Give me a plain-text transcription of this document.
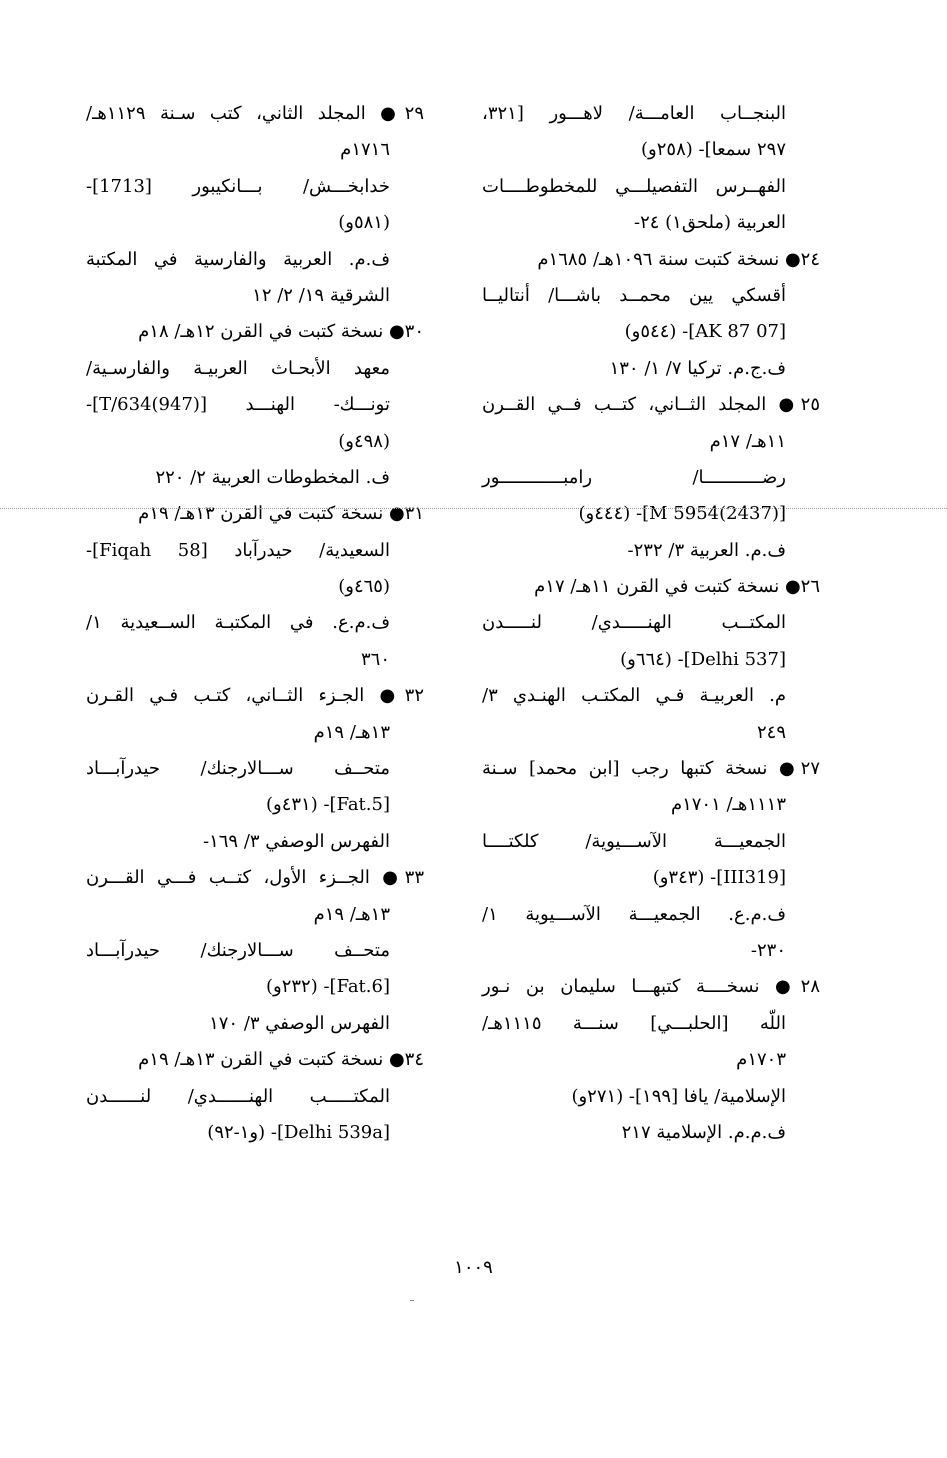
البنجــاب العامـــة/ لاهـــور [٣٢١،
٢٩٧ سمعا]- (٢٥٨و)
الفهــرس التفصيلـــي للمخطوطــــات
العربية (ملحق١) ٢٤-
٢٤● نسخة كتبت سنة ١٠٩٦هـ/ ١٦٨٥م
أقسكي يين محمــد باشـــا/ أنتاليــا
[07 AK 87]- (٥٤٤و)
ف.ج.م. تركيا ٧/ ١/ ١٣٠
٢٥● المجلد الثــاني، كتــب فــي القــرن
١١هـ/ ١٧م
رضـــــــــــا/ رامبــــــــــــور
[(2437)5954 M]- (٤٤٤و)
ف.م. العربية ٣/ ٢٣٢-
٢٦● نسخة كتبت في القرن ١١هـ/ ١٧م
المكتــب الهنـــــدي/ لنـــــدن
[Delhi 537]- (٦٦٤و)
م. العربيـة فـي المكتـب الهنـدي ٣/
٢٤٩
٢٧● نسخة كتبها رجب [ابن محمد] سـنة
١١١٣هـ/ ١٧٠١م
الجمعيـــة الآســـيوية/ كلكتــــا
[III319]- (٣٤٣و)
ف.م.ع. الجمعيـــة الآســـيوية ١/
٢٣٠-
٢٨● نسخــــة كتبهـــا سليمان بن نـور
اللّه [الحلبـــي] سنـــة ١١١٥هـ/
١٧٠٣م
الإسلامية/ يافا [١٩٩]- (٢٧١و)
ف.م.م. الإسلامية ٢١٧
٢٩● المجلد الثاني، كتب سـنة ١١٢٩هـ/
١٧١٦م
خدابخـــش/ بـــانكيبور [1713]-
(٥٨١و)
ف.م. العربية والفارسية في المكتبة
الشرقية ١٩/ ٢/ ١٢
٣٠● نسخة كتبت في القرن ١٢هـ/ ١٨م
معهد الأبحـاث العربيـة والفارسـية/
تونـــك- الهنـــد [T/634(947)]-
(٤٩٨و)
ف. المخطوطات العربية ٢/ ٢٢٠
٣١● نسخة كتبت في القرن ١٣هـ/ ١٩م
السعيدية/ حيدرآباد [Fiqah 58]-
(٤٦٥و)
ف.م.ع. في المكتبـة الســعيدية ١/
٣٦٠
٣٢● الجـزء الثــاني، كتـب فـي القـرن
١٣هـ/ ١٩م
متحــف ســـالارجنك/ حيدرآبـــاد
[Fat.5]- (٤٣١و)
الفهرس الوصفي ٣/ ١٦٩-
٣٣● الجــزء الأول، كتــب فـــي القـــرن
١٣هـ/ ١٩م
متحــف ســـالارجنك/ حيدرآبـــاد
[Fat.6]- (٢٣٢و)
الفهرس الوصفي ٣/ ١٧٠
٣٤● نسخة كتبت في القرن ١٣هـ/ ١٩م
المكتـــــب الهنــــــدي/ لنــــــدن
[Delhi 539a]- (و١-٩٢)
١٠٠٩
